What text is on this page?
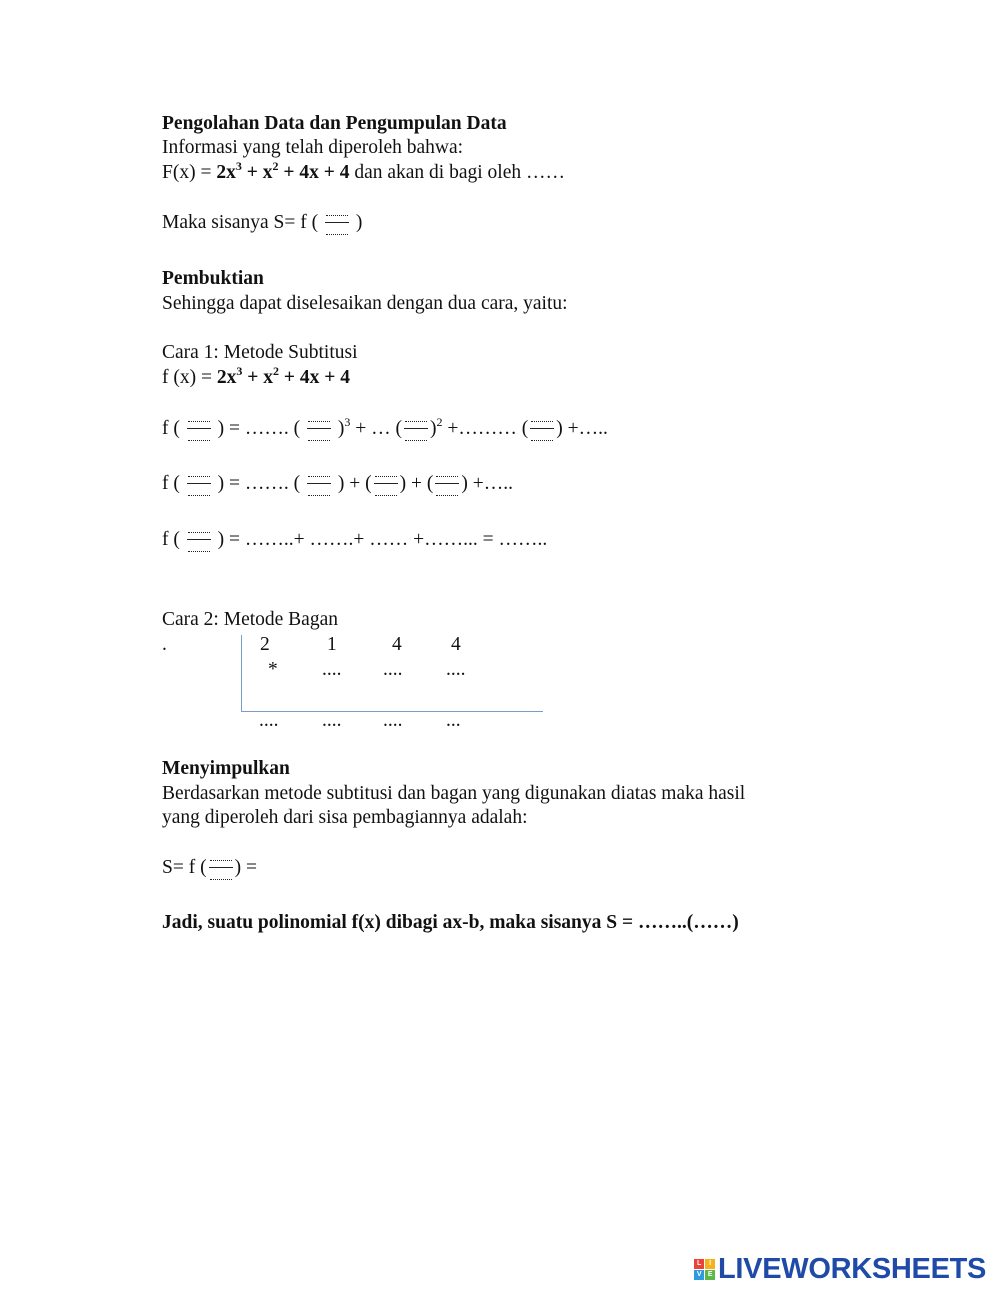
Pengolahan Data dan Pengumpulan Data
Informasi yang telah diperoleh bahwa:
$F(x) = 2x^3 + x^2 + 4x + 4$ dan akan di bagi oleh ……
Maka sisanya S= f ( )
Pembuktian
Sehingga dapat diselesaikan dengan dua cara, yaitu:
Cara 1: Metode Subtitusi
f $(x) = 2x^3 + x^2 + 4x + 4$
f ( ) = ……. ( )$^3$ + … ( )$^2$ +……… ( ) +…..
f ( ) = ……. ( ) + ( ) + ( ) +…..
f ( ) = ……..+ …….+ …… +……... = ……..
Cara 2: Metode Bagan
.	2	1	4	4
* .... .... ....
.... .... .... ...
Menyimpulkan
Berdasarkan metode subtitusi dan bagan yang digunakan diatas maka hasil
yang diperoleh dari sisa pembagiannya adalah:
S= f ( ) =
Jadi, suatu polinomial f(x) dibagi ax-b, maka sisanya S = ……..(……)
L	I
V E LIVEWORKSHEETS
